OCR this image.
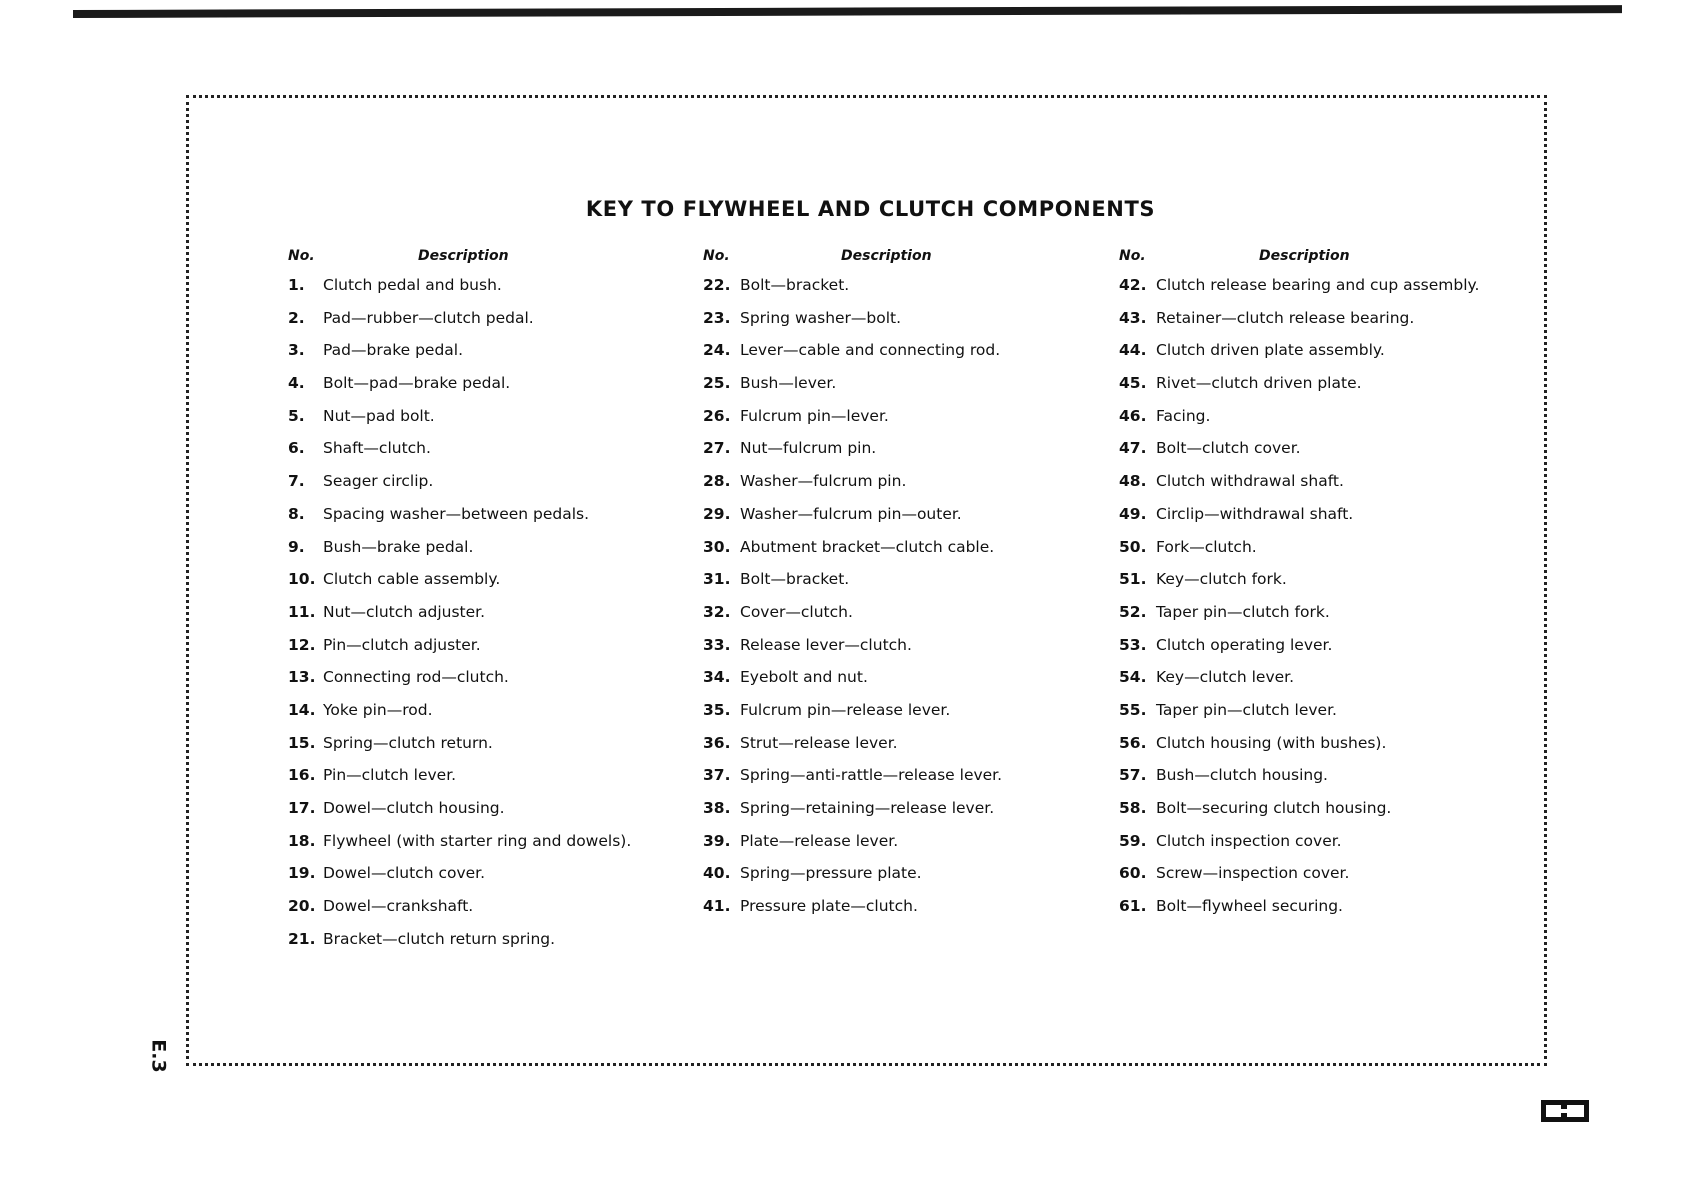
KEY TO FLYWHEEL AND CLUTCH COMPONENTS
No.	Description
1.	Clutch pedal and bush.
2.	Pad—rubber—clutch pedal.
3.	Pad—brake pedal.
4.	Bolt—pad—brake pedal.
5.	Nut—pad bolt.
6.	Shaft—clutch.
7.	Seager circlip.
8.	Spacing washer—between pedals.
9.	Bush—brake pedal.
10. Clutch cable assembly.
11. Nut—clutch adjuster.
12. Pin—clutch adjuster.
13. Connecting rod—clutch.
14. Yoke pin—rod.
15. Spring—clutch return.
16. Pin—clutch lever.
17. Dowel—clutch housing.
18. Flywheel (with starter ring and dowels).
19. Dowel—clutch cover.
20. Dowel—crankshaft.
21. Bracket—clutch return spring.
No.	Description
22. Bolt—bracket.
23. Spring washer—bolt.
24. Lever—cable and connecting rod.
25. Bush—lever.
26. Fulcrum pin—lever.
27. Nut—fulcrum pin.
28. Washer—fulcrum pin.
29. Washer—fulcrum pin—outer.
30. Abutment bracket—clutch cable.
31. Bolt—bracket.
32. Cover—clutch.
33. Release lever—clutch.
34. Eyebolt and nut.
35. Fulcrum pin—release lever.
36. Strut—release lever.
37. Spring—anti-rattle—release lever.
38. Spring—retaining—release lever.
39. Plate—release lever.
40. Spring—pressure plate.
41. Pressure plate—clutch.
No.	Description
42. Clutch release bearing and cup assembly.
43. Retainer—clutch release bearing.
44. Clutch driven plate assembly.
45. Rivet—clutch driven plate.
46. Facing.
47. Bolt—clutch cover.
48. Clutch withdrawal shaft.
49. Circlip—withdrawal shaft.
50. Fork—clutch.
51. Key—clutch fork.
52. Taper pin—clutch fork.
53. Clutch operating lever.
54. Key—clutch lever.
55. Taper pin—clutch lever.
56. Clutch housing (with bushes).
57. Bush—clutch housing.
58. Bolt—securing clutch housing.
59. Clutch inspection cover.
60. Screw—inspection cover.
61. Bolt—flywheel securing.
E.3
